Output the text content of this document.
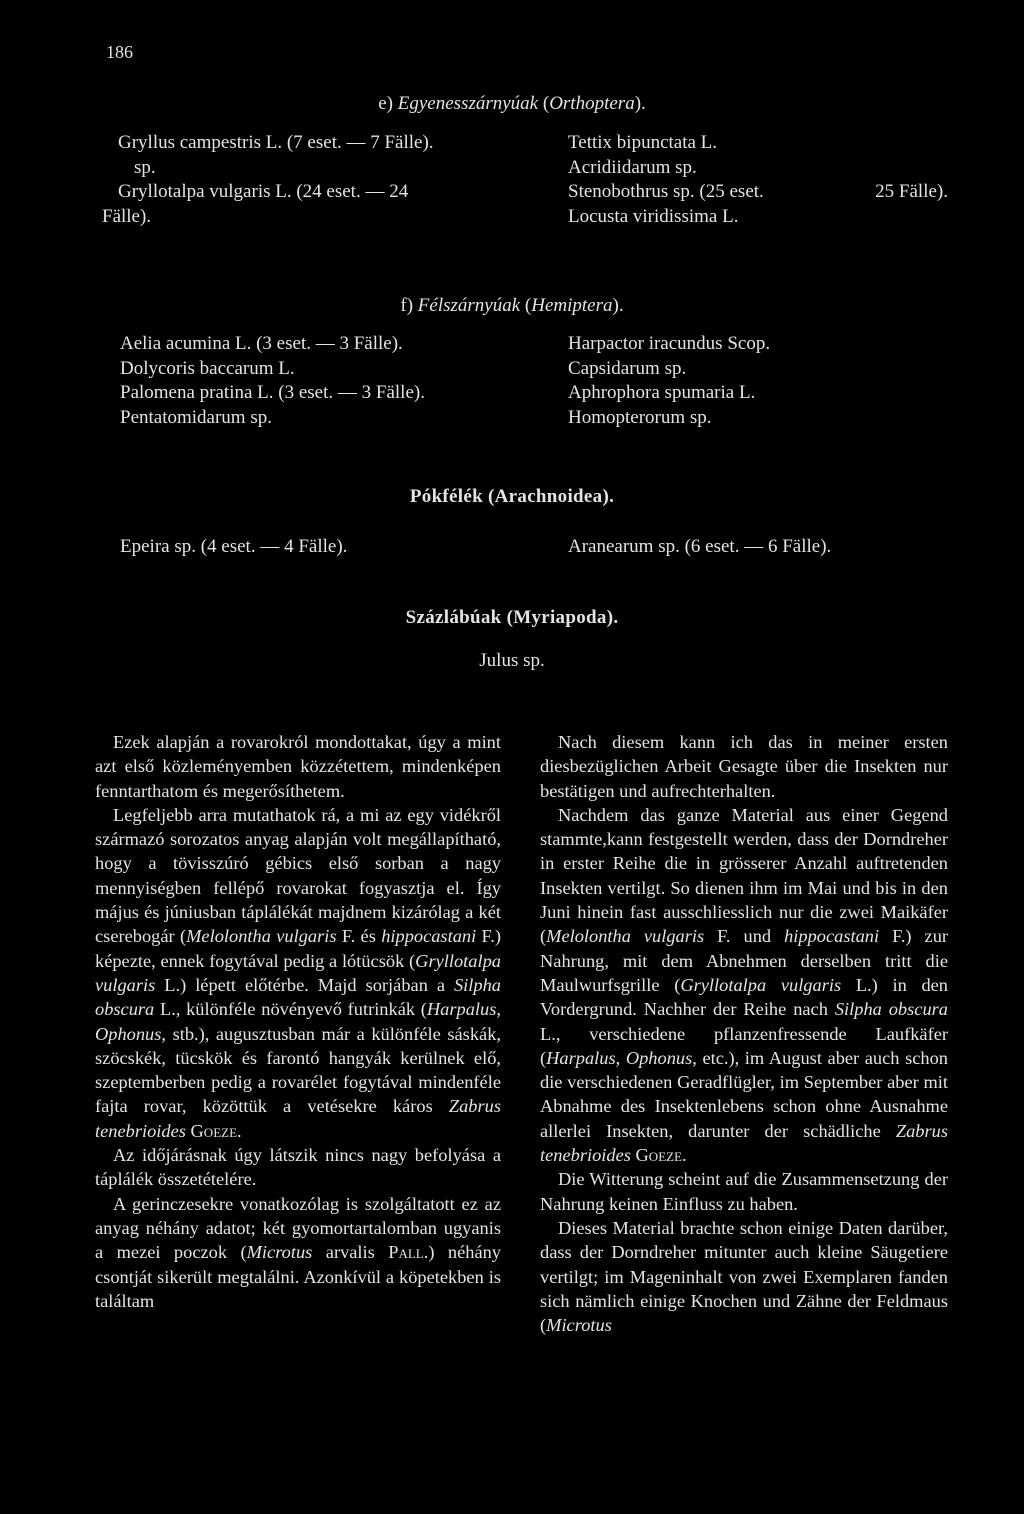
186
e) Egyenesszárnyúak (Orthoptera).
Gryllus campestris L. (7 eset. — 7 Fälle).
sp.
Gryllotalpa vulgaris L. (24 eset. — 24
Fälle).
Tettix bipunctata L.
Acridiidarum sp.
Stenobothrus sp. (25 eset.	25 Fälle).
Locusta viridissima L.
f) Félszárnyúak (Hemiptera).
Aelia acumina L. (3 eset. — 3 Fälle).
Dolycoris baccarum L.
Palomena pratina L. (3 eset. — 3 Fälle).
Pentatomidarum sp.
Harpactor iracundus Scop.
Capsidarum sp.
Aphrophora spumaria L.
Homopterorum sp.
Pókfélék (Arachnoidea).
Epeira sp. (4 eset. — 4 Fälle).	Aranearum sp. (6 eset. — 6 Fälle).
Százlábúak (Myriapoda).
Julus sp.

Ezek alapján a rovarokról mondottakat, úgy a mint azt első közleményemben közzétettem, mindenképen fenntarthatom és megerősíthetem.

Legfeljebb arra mutathatok rá, a mi az egy vidékről származó sorozatos anyag alapján volt megállapítható, hogy a tövisszúró gébics első sorban a nagy mennyiségben fellépő rovarokat fogyasztja el. Így május és júniusban táplálékát majdnem kizárólag a két cserebogár (Melolontha vulgaris F. és hippocastani F.) képezte, ennek fogytával pedig a lótücsök (Gryllotalpa vulgaris L.) lépett előtérbe. Majd sorjában a Silpha obscura L., különféle növényevő futrinkák (Harpalus, Ophonus, stb.), augusztusban már a különféle sáskák, szöcskék, tücskök és farontó hangyák kerülnek elő, szeptemberben pedig a rovarélet fogytával mindenféle fajta rovar, közöttük a vetésekre káros Zabrus tenebrioides Goeze.

Az időjárásnak úgy látszik nincs nagy befolyása a táplálék összetételére.

A gerinczesekre vonatkozólag is szolgáltatott ez az anyag néhány adatot; két gyomortartalomban ugyanis a mezei poczok (Microtus arvalis Pall.) néhány csontját sikerült megtalálni. Azonkívül a köpetekben is találtam

Nach diesem kann ich das in meiner ersten diesbezüglichen Arbeit Gesagte über die Insekten nur bestätigen und aufrechterhalten.

Nachdem das ganze Material aus einer Gegend stammte,kann festgestellt werden, dass der Dorndreher in erster Reihe die in grösserer Anzahl auftretenden Insekten vertilgt. So dienen ihm im Mai und bis in den Juni hinein fast ausschliesslich nur die zwei Maikäfer (Melolontha vulgaris F. und hippocastani F.) zur Nahrung, mit dem Abnehmen derselben tritt die Maulwurfsgrille (Gryllotalpa vulgaris L.) in den Vordergrund. Nachher der Reihe nach Silpha obscura L., verschiedene pflanzenfressende Laufkäfer (Harpalus, Ophonus, etc.), im August aber auch schon die verschiedenen Geradflügler, im September aber mit Abnahme des Insektenlebens schon ohne Ausnahme allerlei Insekten, darunter der schädliche Zabrus tenebrioides Goeze.

Die Witterung scheint auf die Zusammensetzung der Nahrung keinen Einfluss zu haben.

Dieses Material brachte schon einige Daten darüber, dass der Dorndreher mitunter auch kleine Säugetiere vertilgt; im Mageninhalt von zwei Exemplaren fanden sich nämlich einige Knochen und Zähne der Feldmaus (Microtus
